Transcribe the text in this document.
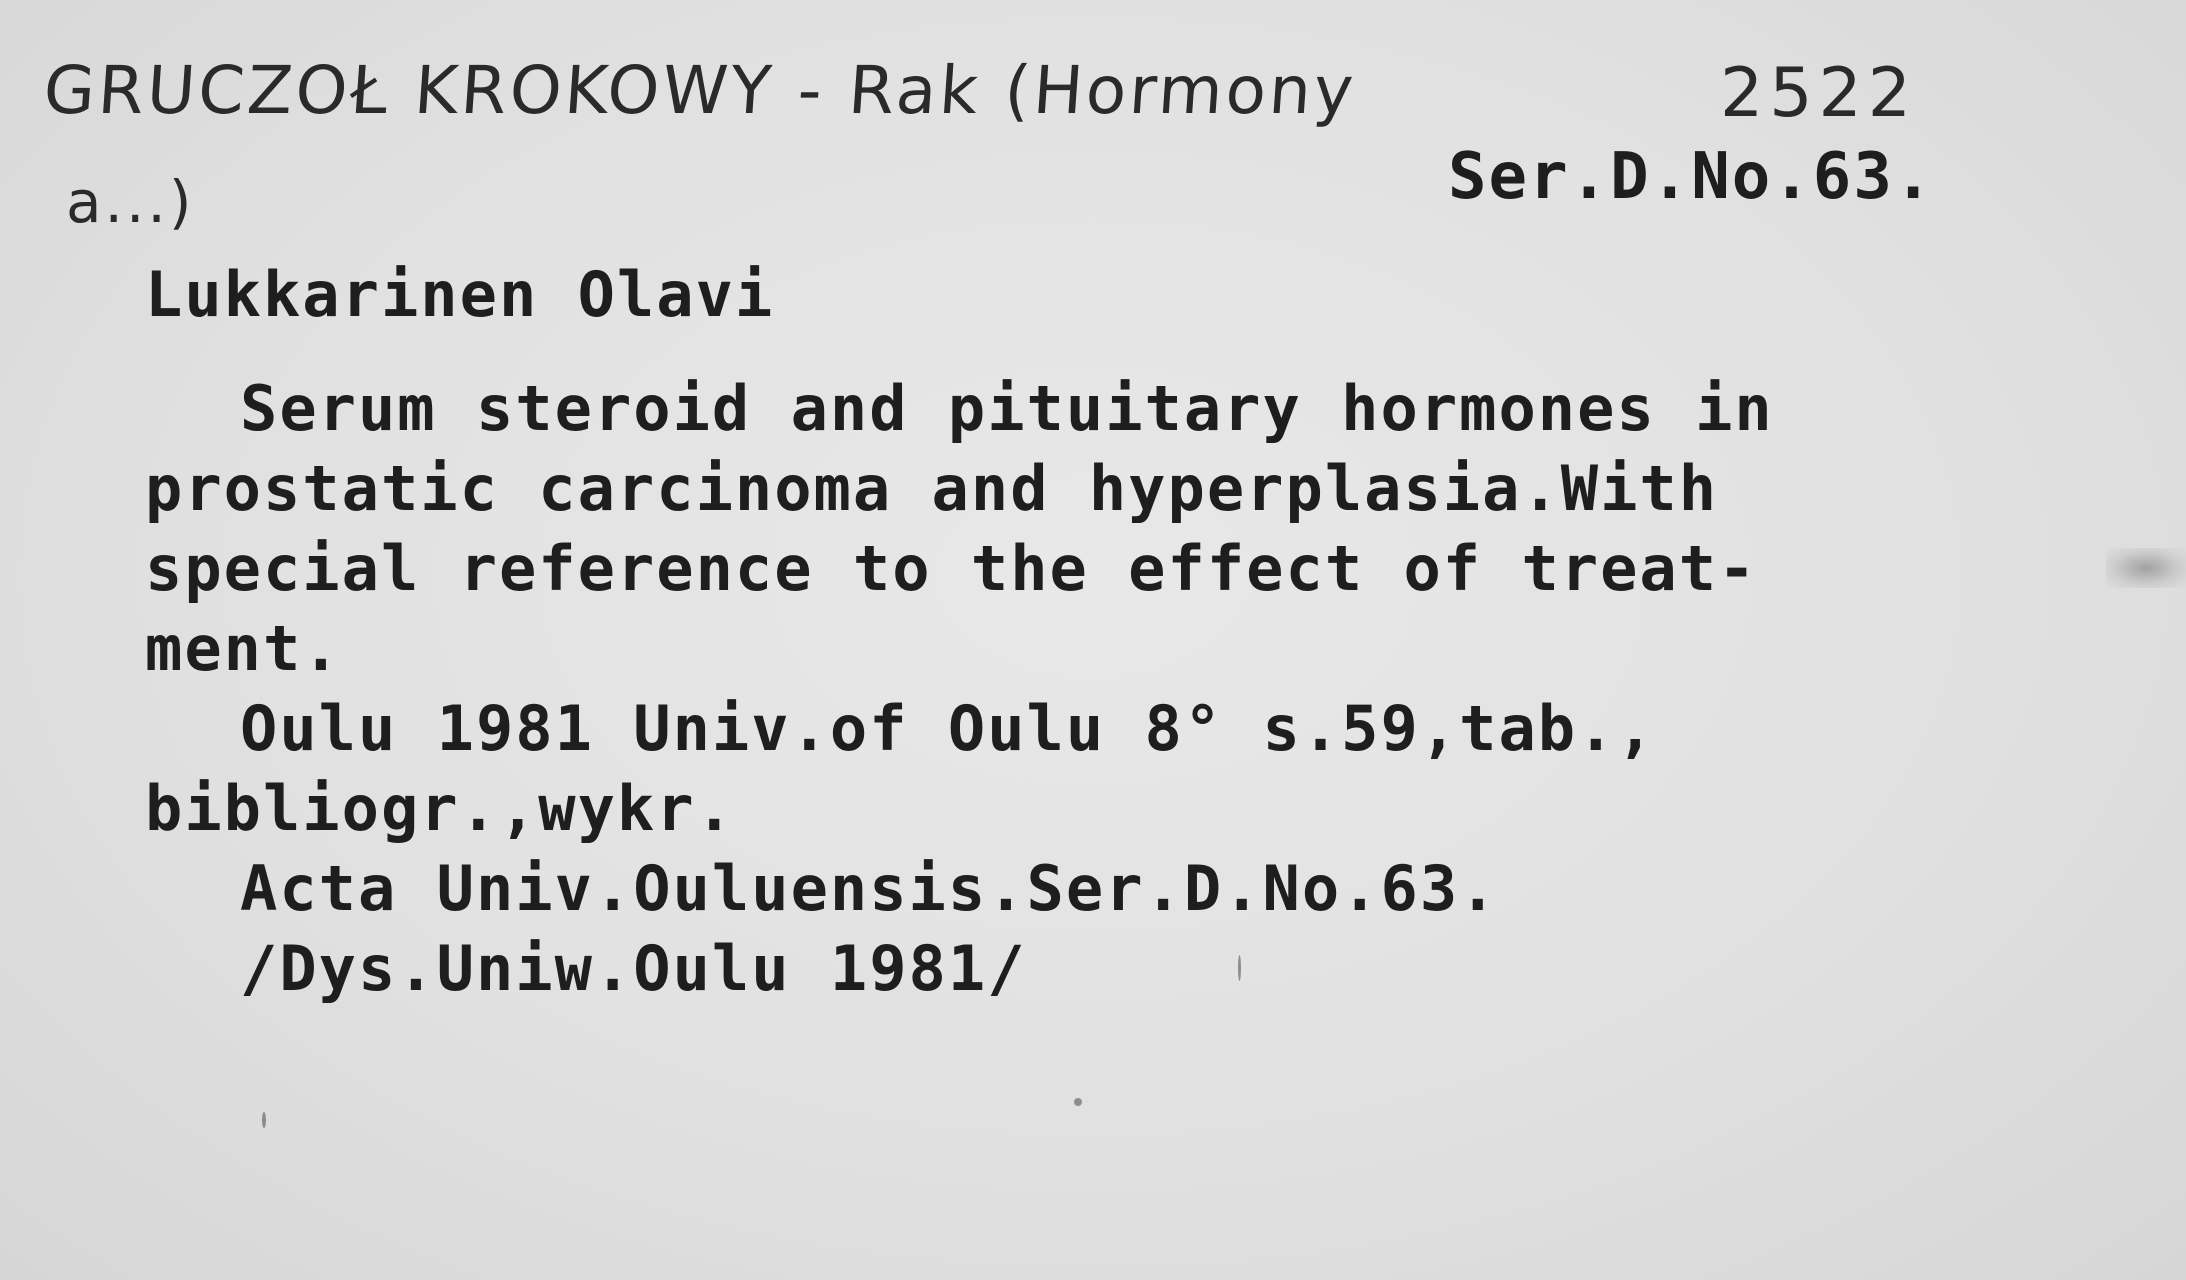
GRUCZOŁ KROKOWY - Rak (Hormony
a...)
2522
Ser.D.No.63.
Lukkarinen Olavi
Serum steroid and pituitary hormones in
prostatic carcinoma and hyperplasia.With
special reference to the effect of treat-
ment.
Oulu 1981 Univ.of Oulu 8° s.59,tab.,
bibliogr.,wykr.
Acta Univ.Ouluensis.Ser.D.No.63.
/Dys.Uniw.Oulu 1981/
